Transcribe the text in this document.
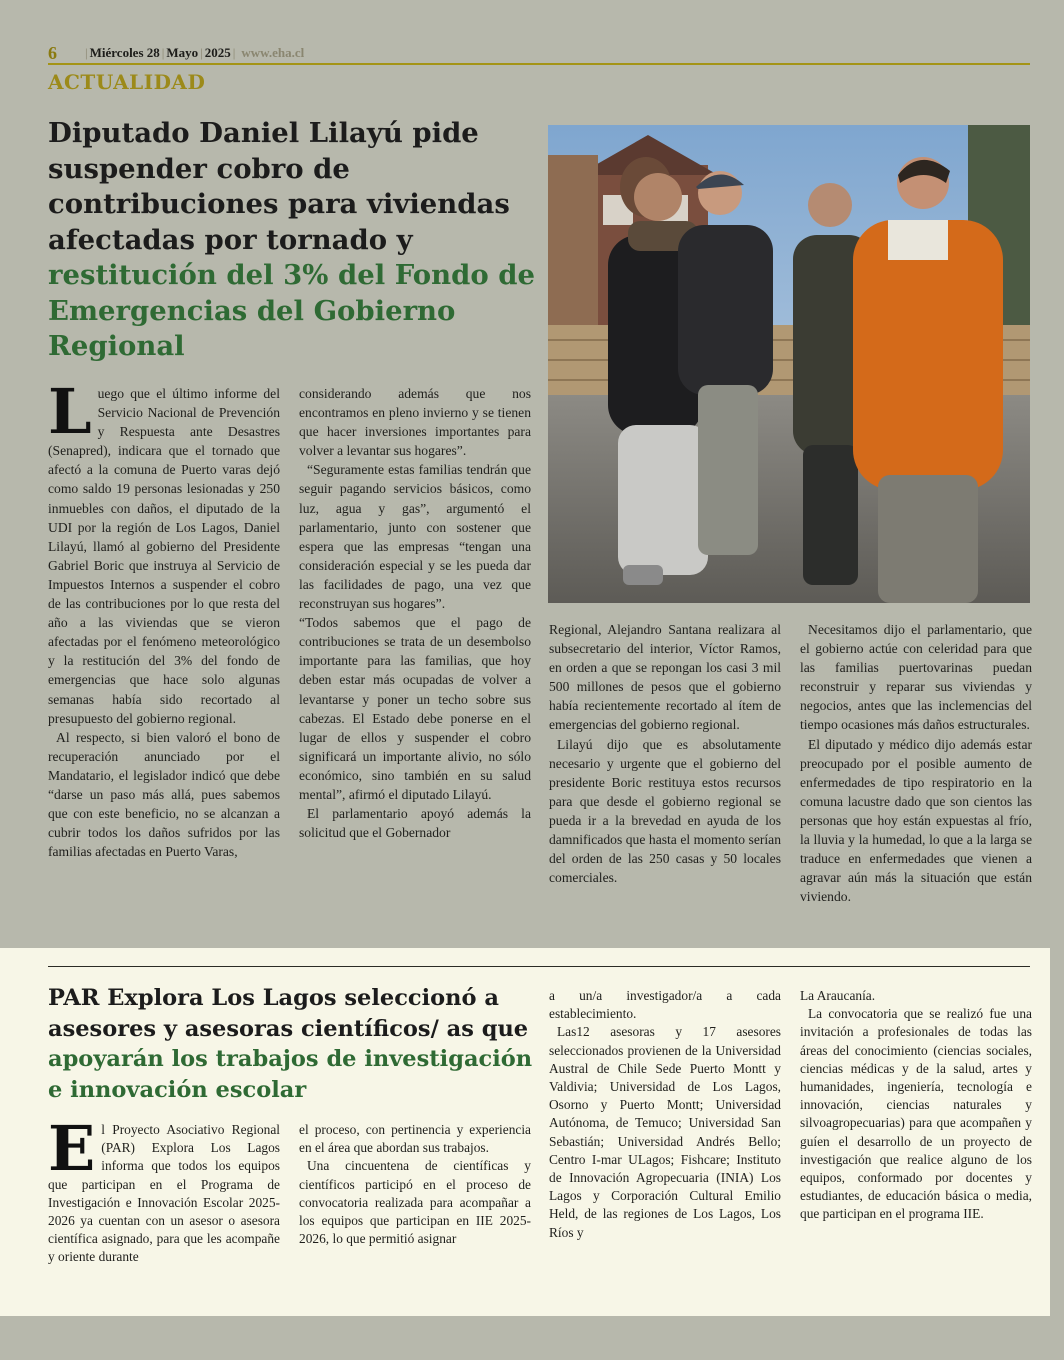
6 | Miércoles 28 | Mayo | 2025 | www.eha.cl
ACTUALIDAD
Diputado Daniel Lilayú pide suspender cobro de contribuciones para viviendas afectadas por tornado y restitución del 3% del Fondo de Emergencias del Gobierno Regional
L uego que el último informe del Servicio Nacional de Prevención y Respuesta ante Desastres (Senapred), indicara que el tornado que afectó a la comuna de Puerto varas dejó como saldo 19 personas lesionadas y 250 inmuebles con daños, el diputado de la UDI por la región de Los Lagos, Daniel Lilayú, llamó al gobierno del Presidente Gabriel Boric que instruya al Servicio de Impuestos Internos a suspender el cobro de las contribuciones por lo que resta del año a las viviendas que se vieron afectadas por el fenómeno meteorológico y la restitución del 3% del fondo de emergencias que hace solo algunas semanas había sido recortado al presupuesto del gobierno regional.

Al respecto, si bien valoró el bono de recuperación anunciado por el Mandatario, el legislador indicó que debe “darse un paso más allá, pues sabemos que con este beneficio, no se alcanzan a cubrir todos los daños sufridos por las familias afectadas en Puerto Varas,

considerando además que nos encontramos en pleno invierno y se tienen que hacer inversiones importantes para volver a levantar sus hogares”.

“Seguramente estas familias tendrán que seguir pagando servicios básicos, como luz, agua y gas”, argumentó el parlamentario, junto con sostener que espera que las empresas “tengan una consideración especial y se les pueda dar las facilidades de pago, una vez que reconstruyan sus hogares”.

“Todos sabemos que el pago de contribuciones se trata de un desembolso importante para las familias, que hoy deben estar más ocupadas de volver a levantarse y poner un techo sobre sus cabezas. El Estado debe ponerse en el lugar de ellos y suspender el cobro significará un importante alivio, no sólo económico, sino también en su salud mental”, afirmó el diputado Lilayú.

El parlamentario apoyó además la solicitud que el Gobernador

Regional, Alejandro Santana realizara al subsecretario del interior, Víctor Ramos, en orden a que se repongan los casi 3 mil 500 millones de pesos que el gobierno había recientemente recortado al ítem de emergencias del gobierno regional.

Lilayú dijo que es absolutamente necesario y urgente que el gobierno del presidente Boric restituya estos recursos para que desde el gobierno regional se pueda ir a la brevedad en ayuda de los damnificados que hasta el momento serían del orden de las 250 casas y 50 locales comerciales.

Necesitamos dijo el parlamentario, que el gobierno actúe con celeridad para que las familias puertovarinas puedan reconstruir y reparar sus viviendas y negocios, antes que las inclemencias del tiempo ocasiones más daños estructurales.

El diputado y médico dijo además estar preocupado por el posible aumento de enfermedades de tipo respiratorio en la comuna lacustre dado que son cientos las personas que hoy están expuestas al frío, la lluvia y la humedad, lo que a la larga se traduce en enfermedades que vienen a agravar aún más la situación que están viviendo.

PAR Explora Los Lagos seleccionó a asesores y asesoras científicos/ as que apoyarán los trabajos de investigación e innovación escolar
E l Proyecto Asociativo Regional (PAR) Explora Los Lagos informa que todos los equipos que participan en el Programa de Investigación e Innovación Escolar 2025-2026 ya cuentan con un asesor o asesora científica asignado, para que les acompañe y oriente durante

el proceso, con pertinencia y experiencia en el área que abordan sus trabajos.

Una cincuentena de científicas y científicos participó en el proceso de convocatoria realizada para acompañar a los equipos que participan en IIE 2025-2026, lo que permitió asignar

a un/a investigador/a a cada establecimiento.

Las12 asesoras y 17 asesores seleccionados provienen de la Universidad Austral de Chile Sede Puerto Montt y Valdivia; Universidad de Los Lagos, Osorno y Puerto Montt; Universidad Autónoma, de Temuco; Universidad San Sebastián; Universidad Andrés Bello; Centro I-mar ULagos; Fishcare; Instituto de Innovación Agropecuaria (INIA) Los Lagos y Corporación Cultural Emilio Held, de las regiones de Los Lagos, Los Ríos y

La Araucanía.

La convocatoria que se realizó fue una invitación a profesionales de todas las áreas del conocimiento (ciencias sociales, ciencias médicas y de la salud, artes y humanidades, ingeniería, tecnología e innovación, ciencias naturales y silvoagropecuarias) para que acompañen y guíen el desarrollo de un proyecto de investigación que realice alguno de los equipos, conformado por docentes y estudiantes, de educación básica o media, que participan en el programa IIE.
